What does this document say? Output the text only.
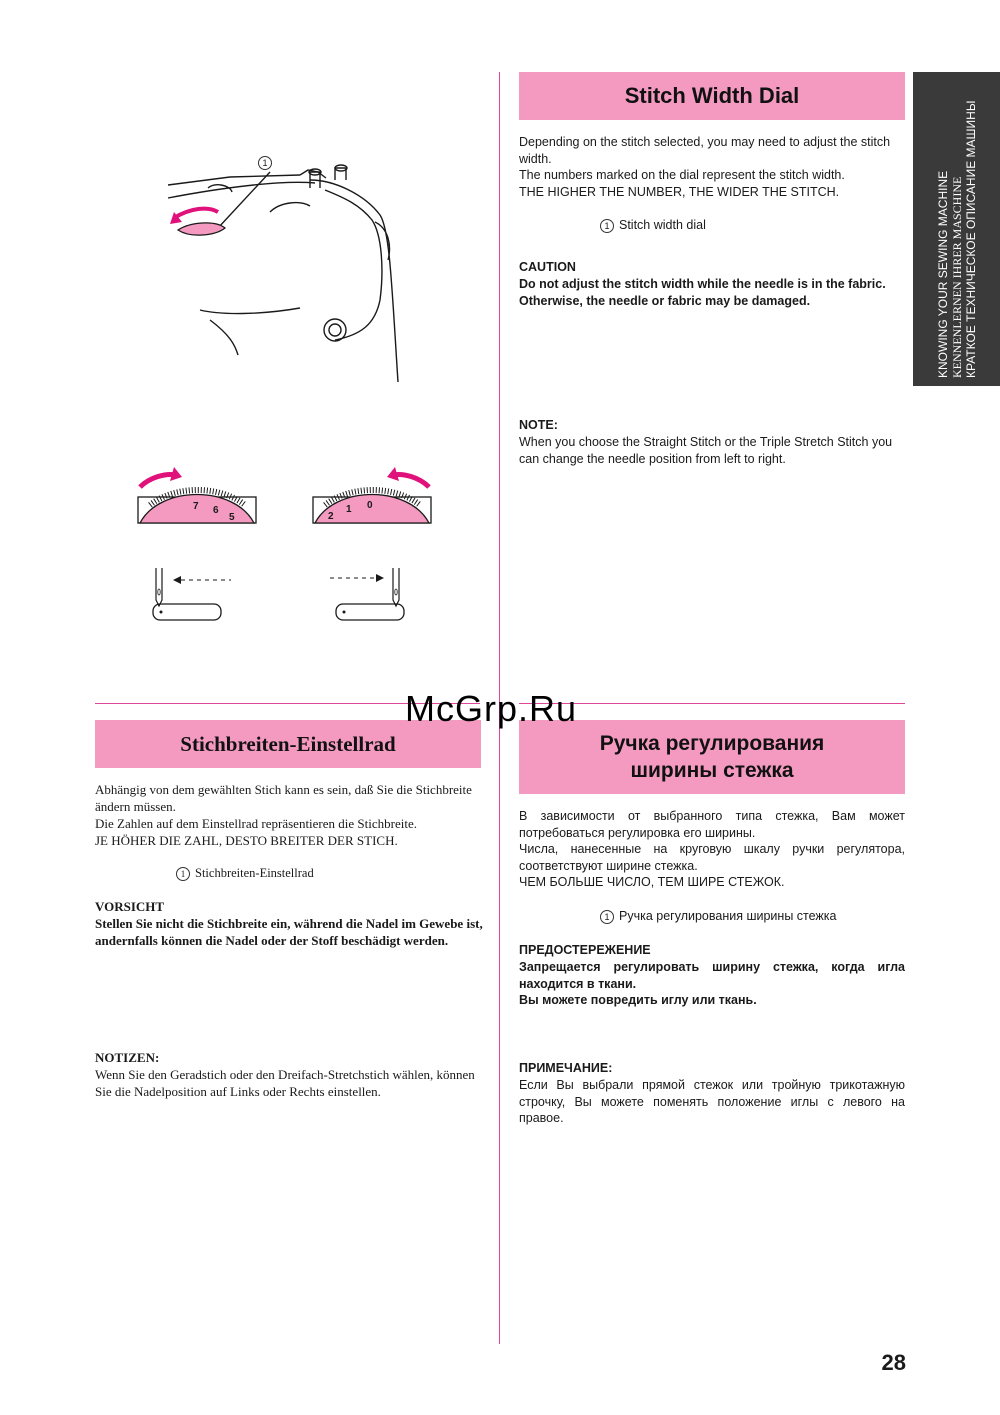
KNOWING YOUR SEWING MACHINE KENNENLERNEN IHRER MASCHINE КРАТКОЕ ТЕХНИЧЕСКОЕ ОПИСАНИЕ МАШИНЫ
1
7 6
5	2
1 0
Stitch Width Dial

Depending on the stitch selected, you may need to adjust the stitch width.

The numbers marked on the dial represent the stitch width.

THE HIGHER THE NUMBER, THE WIDER THE STITCH.

1 Stitch width dial
CAUTION
Do not adjust the stitch width while the needle is in the fabric. Otherwise, the needle or fabric may be damaged.
NOTE:
When you choose the Straight Stitch or the Triple Stretch Stitch you can change the needle position from left to right.
Stichbreiten-Einstellrad

Abhängig von dem gewählten Stich kann es sein, daß Sie die Stichbreite ändern müssen.

Die Zahlen auf dem Einstellrad repräsentieren die Stichbreite.

JE HÖHER DIE ZAHL, DESTO BREITER DER STICH.

1 Stichbreiten-Einstellrad
VORSICHT
Stellen Sie nicht die Stichbreite ein, während die Nadel im Gewebe ist, andernfalls können die Nadel oder der Stoff beschädigt werden.
NOTIZEN:
Wenn Sie den Geradstich oder den Dreifach-Stretchstich wählen, können Sie die Nadelposition auf Links oder Rechts einstellen.
Ручка регулирования
ширины стежка

В зависимости от выбранного типа стежка, Вам может потребоваться регулировка его ширины.

Числа, нанесенные на круговую шкалу ручки регулятора, соответствуют ширине стежка.

ЧЕМ БОЛЬШЕ ЧИСЛО, ТЕМ ШИРЕ СТЕЖОК.

1 Ручка регулирования ширины стежка
ПРЕДОСТЕРЕЖЕНИЕ
Запрещается регулировать ширину стежка, когда игла находится в ткани.
Вы можете повредить иглу или ткань.
ПРИМЕЧАНИЕ:
Если Вы выбрали прямой стежок или тройную трикотажную строчку, Вы можете поменять положение иглы с левого на правое.
McGrp.Ru
28
